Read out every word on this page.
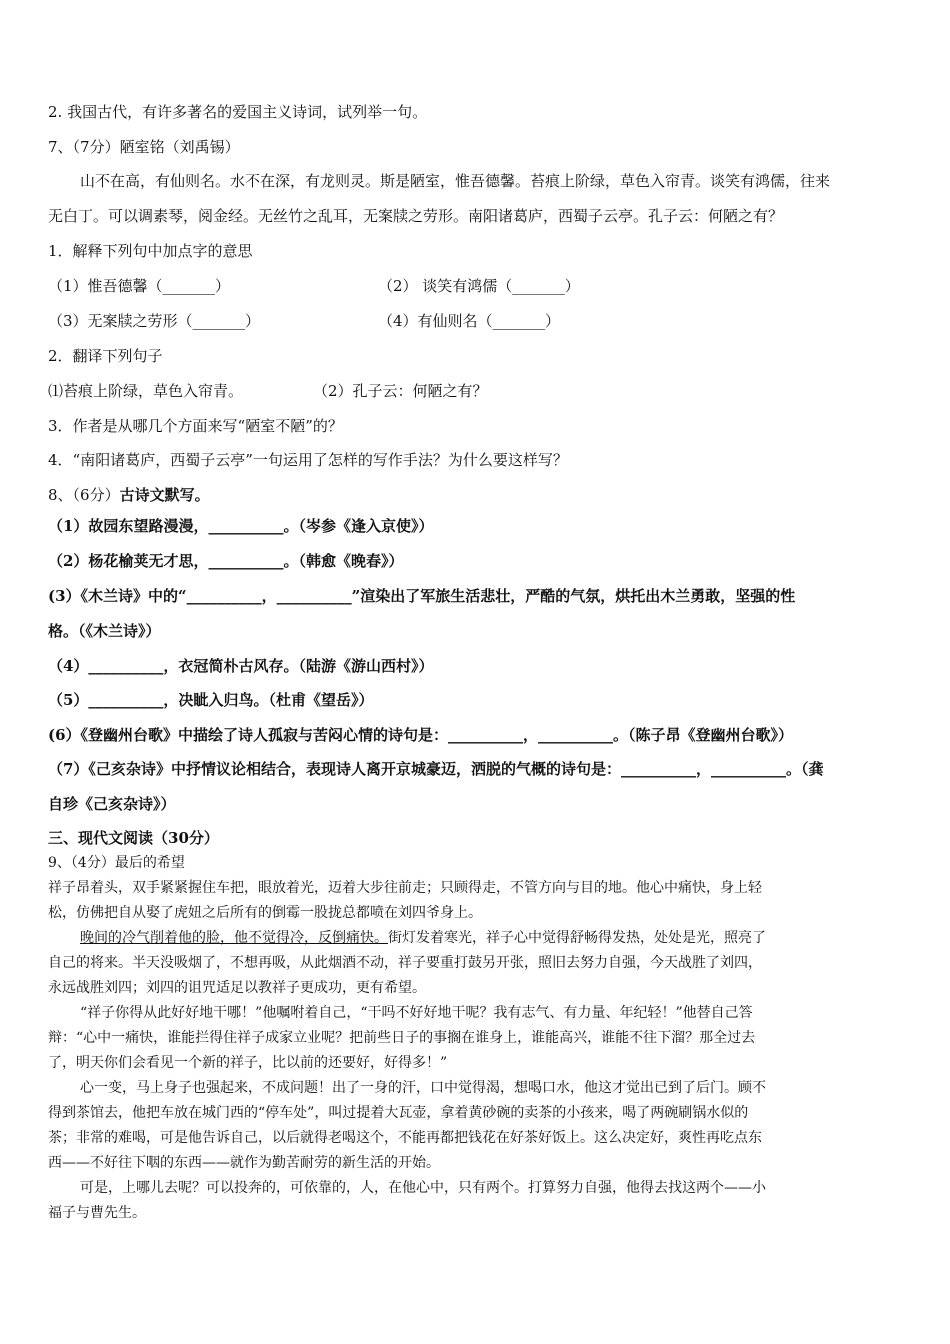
2. 我国古代，有许多著名的爱国主义诗词，试列举一句。
7、（7分）陋室铭（刘禹锡）
山不在高，有仙则名。水不在深，有龙则灵。斯是陋室，惟吾德馨。苔痕上阶绿，草色入帘青。谈笑有鸿儒，往来
无白丁。可以调素琴，阅金经。无丝竹之乱耳，无案牍之劳形。南阳诸葛庐，西蜀子云亭。孔子云：何陋之有？
1．解释下列句中加点字的意思
（1）惟吾德馨（_______）	（2） 谈笑有鸿儒（_______）
（3）无案牍之劳形（_______）	（4）有仙则名（_______）
2．翻译下列句子
⑴苔痕上阶绿，草色入帘青。	（2）孔子云：何陋之有？
3．作者是从哪几个方面来写“陋室不陋”的？
4．“南阳诸葛庐，西蜀子云亭”一句运用了怎样的写作手法？为什么要这样写？
8、（6分）古诗文默写。
（1）故园东望路漫漫，__________。（岑参《逢入京使》）
（2）杨花榆荚无才思，__________。（韩愈《晚春》）
(3）《木兰诗》中的“__________，__________”渲染出了军旅生活悲壮，严酷的气氛，烘托出木兰勇敢，坚强的性
格。（《木兰诗》）
（4）__________，衣冠简朴古风存。（陆游《游山西村》）
（5）__________，决眦入归鸟。（杜甫《望岳》）
(6）《登幽州台歌》中描绘了诗人孤寂与苦闷心情的诗句是：__________，__________。（陈子昂《登幽州台歌》）
（7）《己亥杂诗》中抒情议论相结合，表现诗人离开京城豪迈，洒脱的气概的诗句是：__________，__________。（龚
自珍《己亥杂诗》）
三、现代文阅读（30分）
9、（4分）最后的希望
祥子昂着头，双手紧紧握住车把，眼放着光，迈着大步往前走；只顾得走，不管方向与目的地。他心中痛快，身上轻
松，仿佛把自从娶了虎妞之后所有的倒霉一股拢总都喷在刘四爷身上。
晚间的冷气削着他的脸，他不觉得冷，反倒痛快。街灯发着寒光，祥子心中觉得舒畅得发热，处处是光，照亮了
自己的将来。半天没吸烟了，不想再吸，从此烟酒不动，祥子要重打鼓另开张，照旧去努力自强，今天战胜了刘四，
永远战胜刘四；刘四的诅咒适足以教祥子更成功，更有希望。
“祥子你得从此好好地干哪！”他嘱咐着自己，“干吗不好好地干呢？我有志气、有力量、年纪轻！”他替自己答
辩：“心中一痛快，谁能拦得住祥子成家立业呢？把前些日子的事搁在谁身上，谁能高兴，谁能不往下溜？那全过去
了，明天你们会看见一个新的祥子，比以前的还要好，好得多！”
心一变，马上身子也强起来，不成问题！出了一身的汗，口中觉得渴，想喝口水，他这才觉出已到了后门。顾不
得到茶馆去，他把车放在城门西的“停车处”，叫过提着大瓦壶，拿着黄砂碗的卖茶的小孩来，喝了两碗刷锅水似的
茶；非常的难喝，可是他告诉自己，以后就得老喝这个，不能再都把钱花在好茶好饭上。这么决定好，爽性再吃点东
西——不好往下咽的东西——就作为勤苦耐劳的新生活的开始。
可是，上哪儿去呢？可以投奔的，可依靠的，人，在他心中，只有两个。打算努力自强，他得去找这两个——小
福子与曹先生。
